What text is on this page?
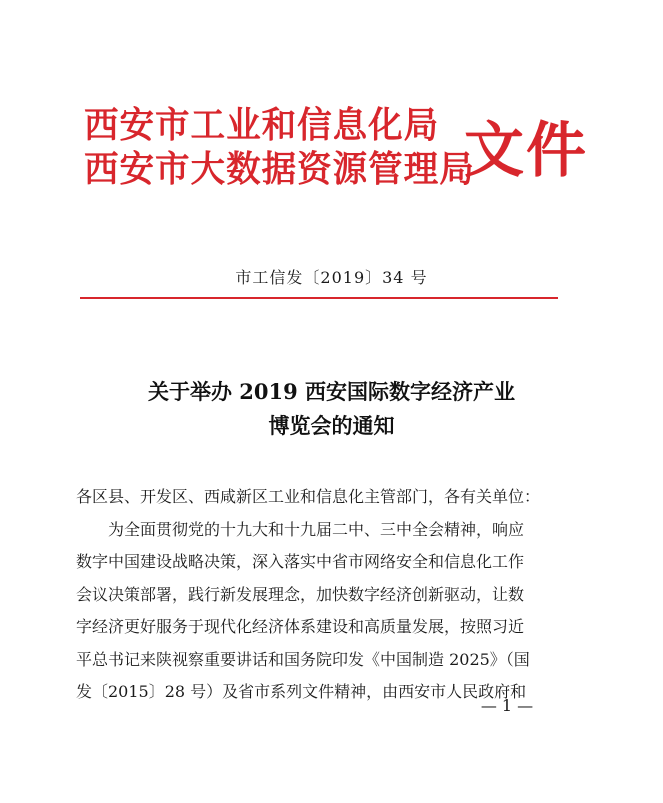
西安市工业和信息化局
西安市大数据资源管理局
文件
市工信发〔2019〕34 号
关于举办 2019 西安国际数字经济产业
博览会的通知
各区县、开发区、西咸新区工业和信息化主管部门，各有关单位：
为全面贯彻党的十九大和十九届二中、三中全会精神，响应
数字中国建设战略决策，深入落实中省市网络安全和信息化工作
会议决策部署，践行新发展理念，加快数字经济创新驱动，让数
字经济更好服务于现代化经济体系建设和高质量发展，按照习近
平总书记来陕视察重要讲话和国务院印发《中国制造 2025》（国
发〔2015〕28 号）及省市系列文件精神，由西安市人民政府和
— 1 —
